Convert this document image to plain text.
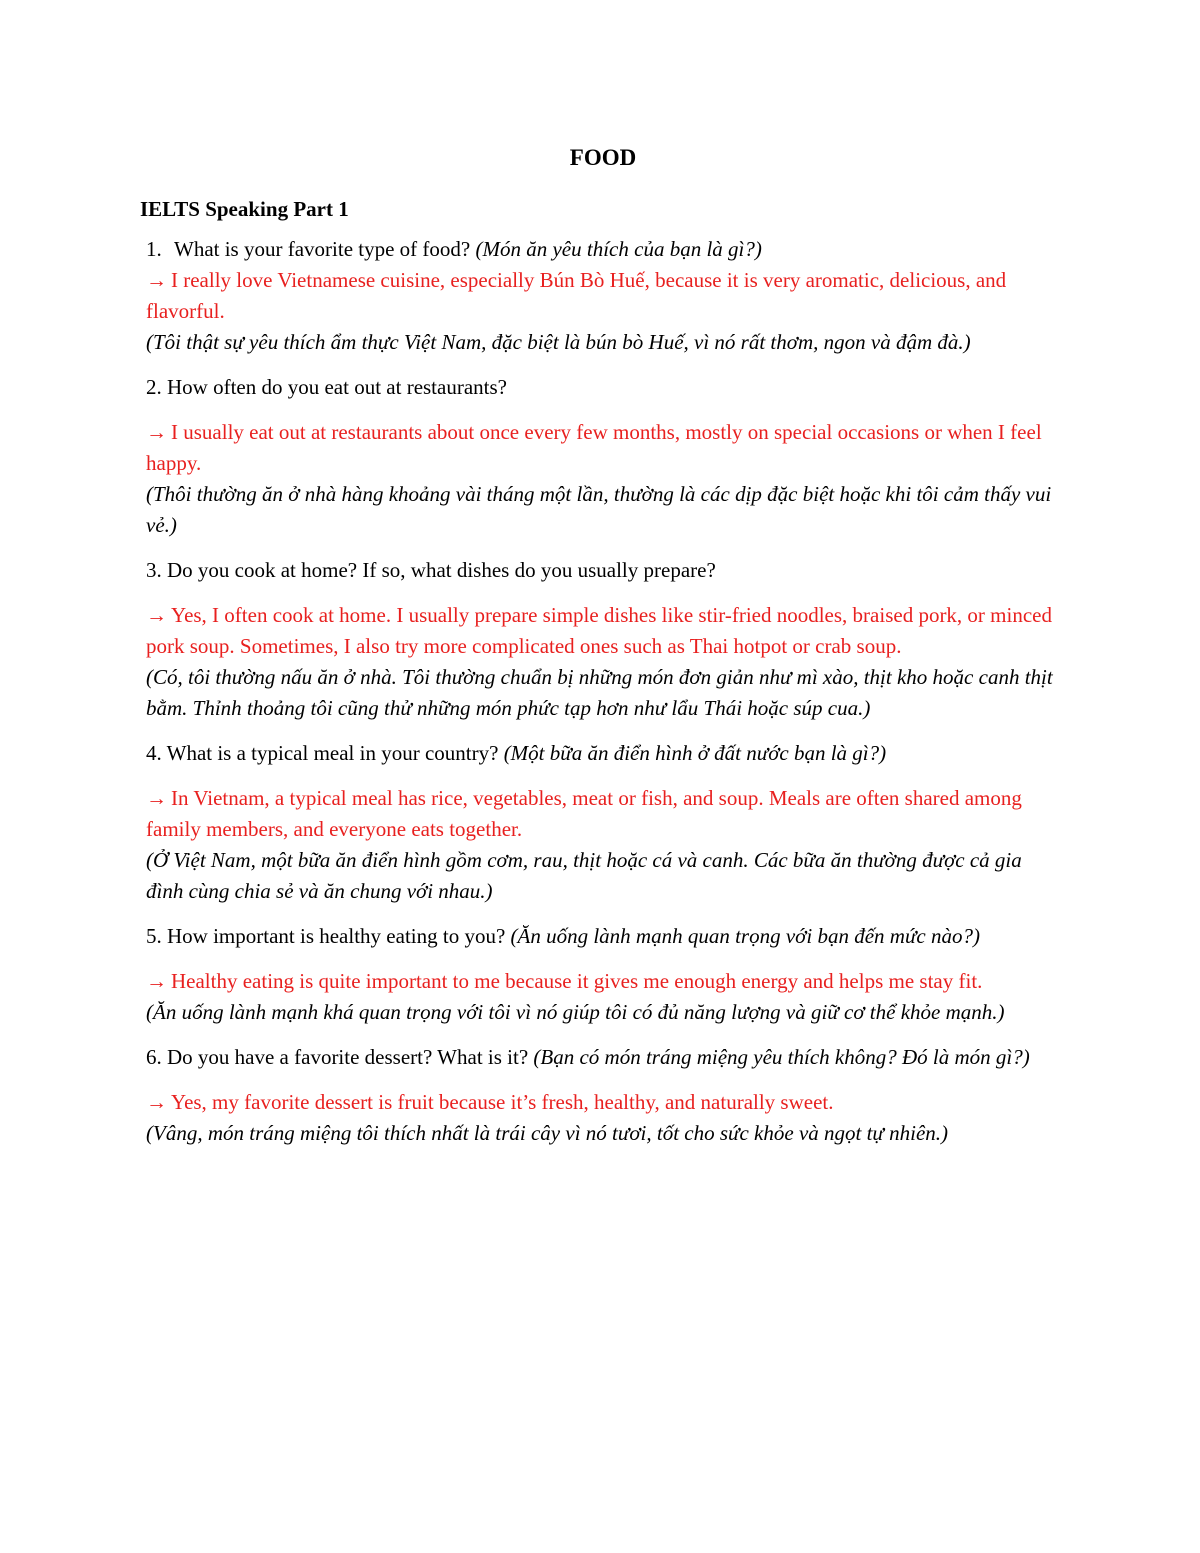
FOOD
IELTS Speaking Part 1
1. What is your favorite type of food? (Món ăn yêu thích của bạn là gì?)
→ I really love Vietnamese cuisine, especially Bún Bò Huế, because it is very aromatic, delicious, and flavorful.
(Tôi thật sự yêu thích ẩm thực Việt Nam, đặc biệt là bún bò Huế, vì nó rất thơm, ngon và đậm đà.)
2. How often do you eat out at restaurants?
→ I usually eat out at restaurants about once every few months, mostly on special occasions or when I feel happy.
(Thôi thường ăn ở nhà hàng khoảng vài tháng một lần, thường là các dịp đặc biệt hoặc khi tôi cảm thấy vui vẻ.)
3. Do you cook at home? If so, what dishes do you usually prepare?
→ Yes, I often cook at home. I usually prepare simple dishes like stir-fried noodles, braised pork, or minced pork soup. Sometimes, I also try more complicated ones such as Thai hotpot or crab soup.
(Có, tôi thường nấu ăn ở nhà. Tôi thường chuẩn bị những món đơn giản như mì xào, thịt kho hoặc canh thịt bằm. Thỉnh thoảng tôi cũng thử những món phức tạp hơn như lẩu Thái hoặc súp cua.)
4. What is a typical meal in your country? (Một bữa ăn điển hình ở đất nước bạn là gì?)
→ In Vietnam, a typical meal has rice, vegetables, meat or fish, and soup. Meals are often shared among family members, and everyone eats together.
(Ở Việt Nam, một bữa ăn điển hình gồm cơm, rau, thịt hoặc cá và canh. Các bữa ăn thường được cả gia đình cùng chia sẻ và ăn chung với nhau.)
5. How important is healthy eating to you? (Ăn uống lành mạnh quan trọng với bạn đến mức nào?)
→ Healthy eating is quite important to me because it gives me enough energy and helps me stay fit.
(Ăn uống lành mạnh khá quan trọng với tôi vì nó giúp tôi có đủ năng lượng và giữ cơ thể khỏe mạnh.)
6. Do you have a favorite dessert? What is it? (Bạn có món tráng miệng yêu thích không? Đó là món gì?)
→ Yes, my favorite dessert is fruit because it’s fresh, healthy, and naturally sweet.
(Vâng, món tráng miệng tôi thích nhất là trái cây vì nó tươi, tốt cho sức khỏe và ngọt tự nhiên.)
